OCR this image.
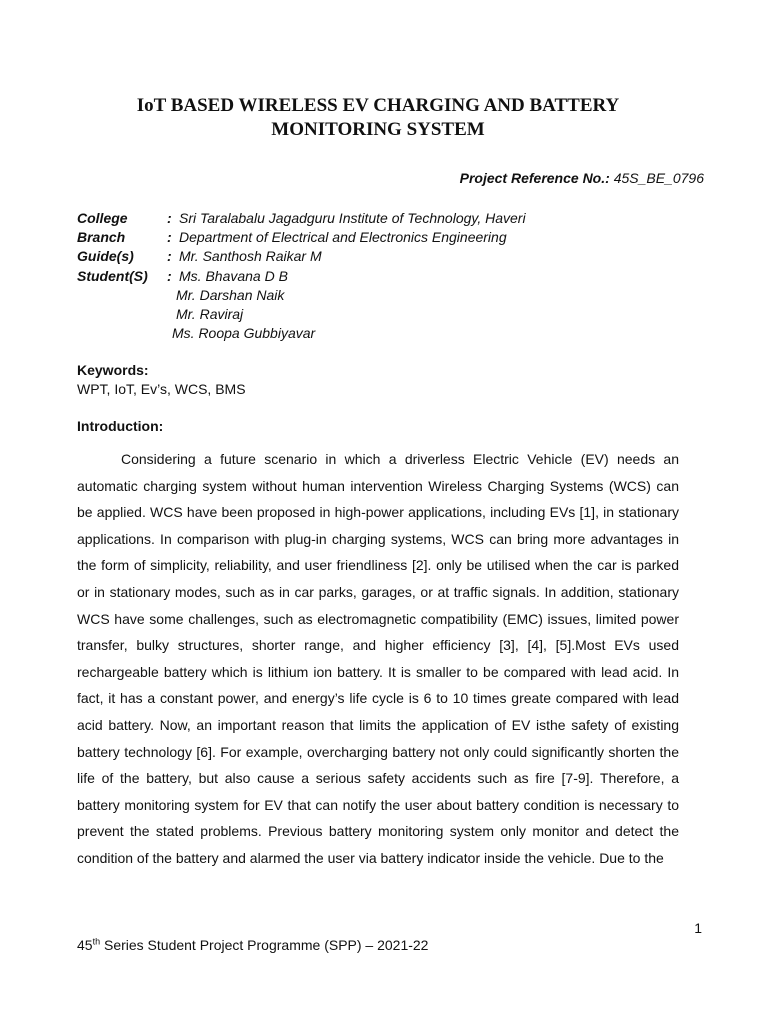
IoT BASED WIRELESS EV CHARGING AND BATTERY
MONITORING SYSTEM
Project Reference No.: 45S_BE_0796
College	: Sri Taralabalu Jagadguru Institute of Technology, Haveri
Branch	: Department of Electrical and Electronics Engineering
Guide(s) : Mr. Santhosh Raikar M
Student(S) : Ms. Bhavana D B
Mr. Darshan Naik
Mr. Raviraj
Ms. Roopa Gubbiyavar
Keywords:
WPT, IoT, Ev’s, WCS, BMS
Introduction:

Considering a future scenario in which a driverless Electric Vehicle (EV) needs an automatic charging system without human intervention Wireless Charging Systems (WCS) can be applied. WCS have been proposed in high-power applications, including EVs [1], in stationary applications. In comparison with plug-in charging systems, WCS can bring more advantages in the form of simplicity, reliability, and user friendliness [2]. only be utilised when the car is parked or in stationary modes, such as in car parks, garages, or at traffic signals. In addition, stationary WCS have some challenges, such as electromagnetic compatibility (EMC) issues, limited power transfer, bulky structures, shorter range, and higher efficiency [3], [4], [5].Most EVs used rechargeable battery which is lithium ion battery. It is smaller to be compared with lead acid. In fact, it has a constant power, and energy’s life cycle is 6 to 10 times greate compared with lead acid battery. Now, an important reason that limits the application of EV isthe safety of existing battery technology [6]. For example, overcharging battery not only could significantly shorten the life of the battery, but also cause a serious safety accidents such as fire [7-9]. Therefore, a battery monitoring system for EV that can notify the user about battery condition is necessary to prevent the stated problems. Previous battery monitoring system only monitor and detect the condition of the battery and alarmed the user via battery indicator inside the vehicle. Due to the

1
45th Series Student Project Programme (SPP) – 2021-22
